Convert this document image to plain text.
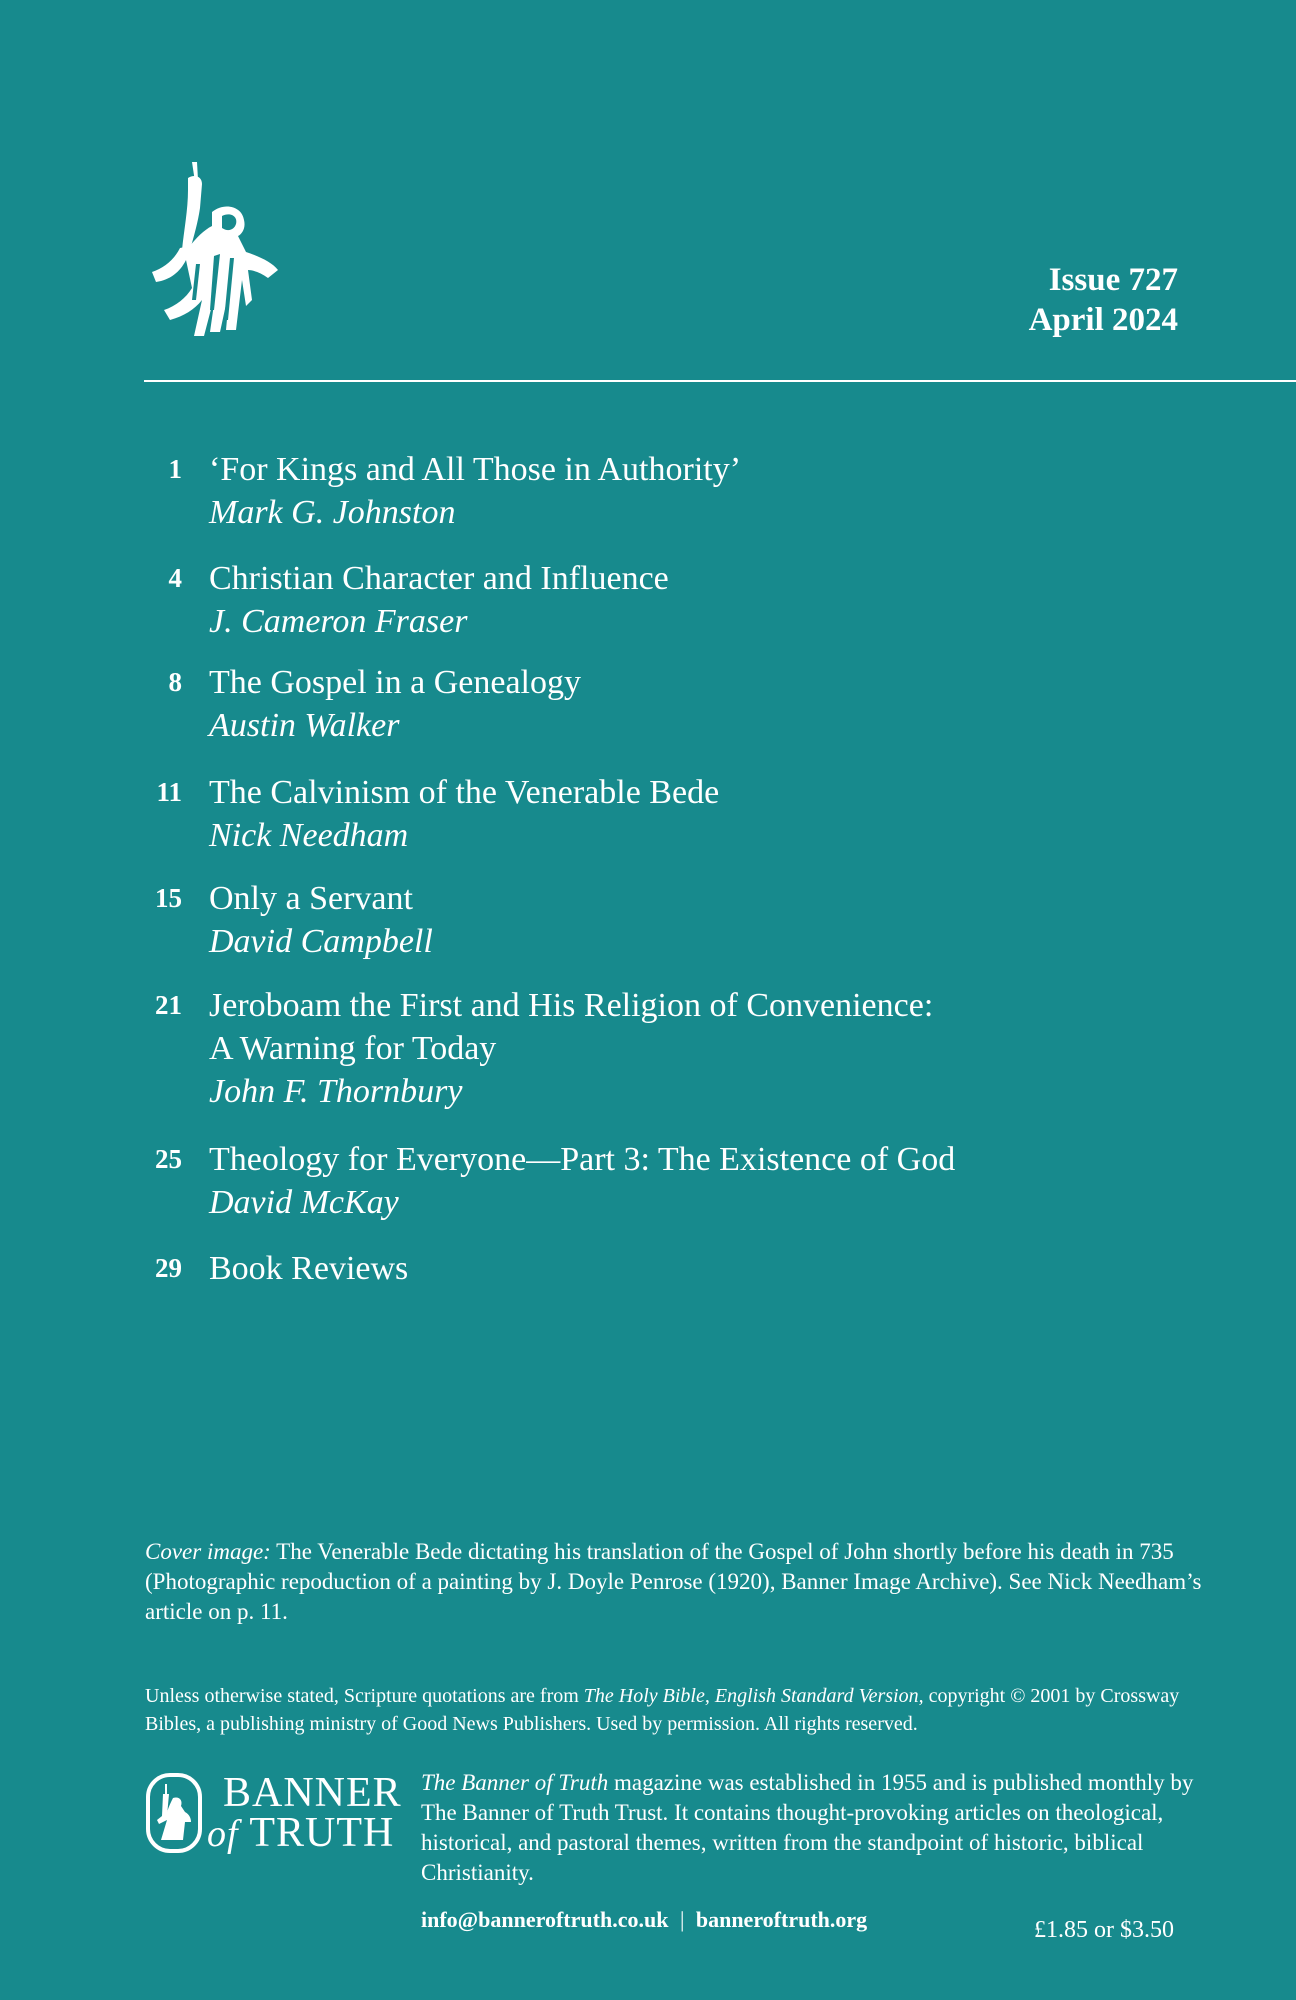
Issue 727
April 2024
1 ‘For Kings and All Those in Authority’
Mark G. Johnston
4 Christian Character and Influence
J. Cameron Fraser
8 The Gospel in a Genealogy
Austin Walker
11 The Calvinism of the Venerable Bede
Nick Needham
15 Only a Servant
David Campbell
21 Jeroboam the First and His Religion of Convenience:
A Warning for Today
John F. Thornbury
25 Theology for Everyone—Part 3: The Existence of God
David McKay
29 Book Reviews
Cover image: The Venerable Bede dictating his translation of the Gospel of John shortly before his death in 735 (Photographic repoduction of a painting by J. Doyle Penrose (1920), Banner Image Archive). See Nick Needham’s article on p. 11.
Unless otherwise stated, Scripture quotations are from The Holy Bible, English Standard Version, copyright © 2001 by Crossway Bibles, a publishing ministry of Good News Publishers. Used by permission. All rights reserved.
BANNER
of TRUTH
The Banner of Truth magazine was established in 1955 and is published monthly by The Banner of Truth Trust. It contains thought-provoking articles on theological, historical, and pastoral themes, written from the standpoint of historic, biblical Christianity.
info@banneroftruth.co.uk | banneroftruth.org	£1.85 or $3.50
